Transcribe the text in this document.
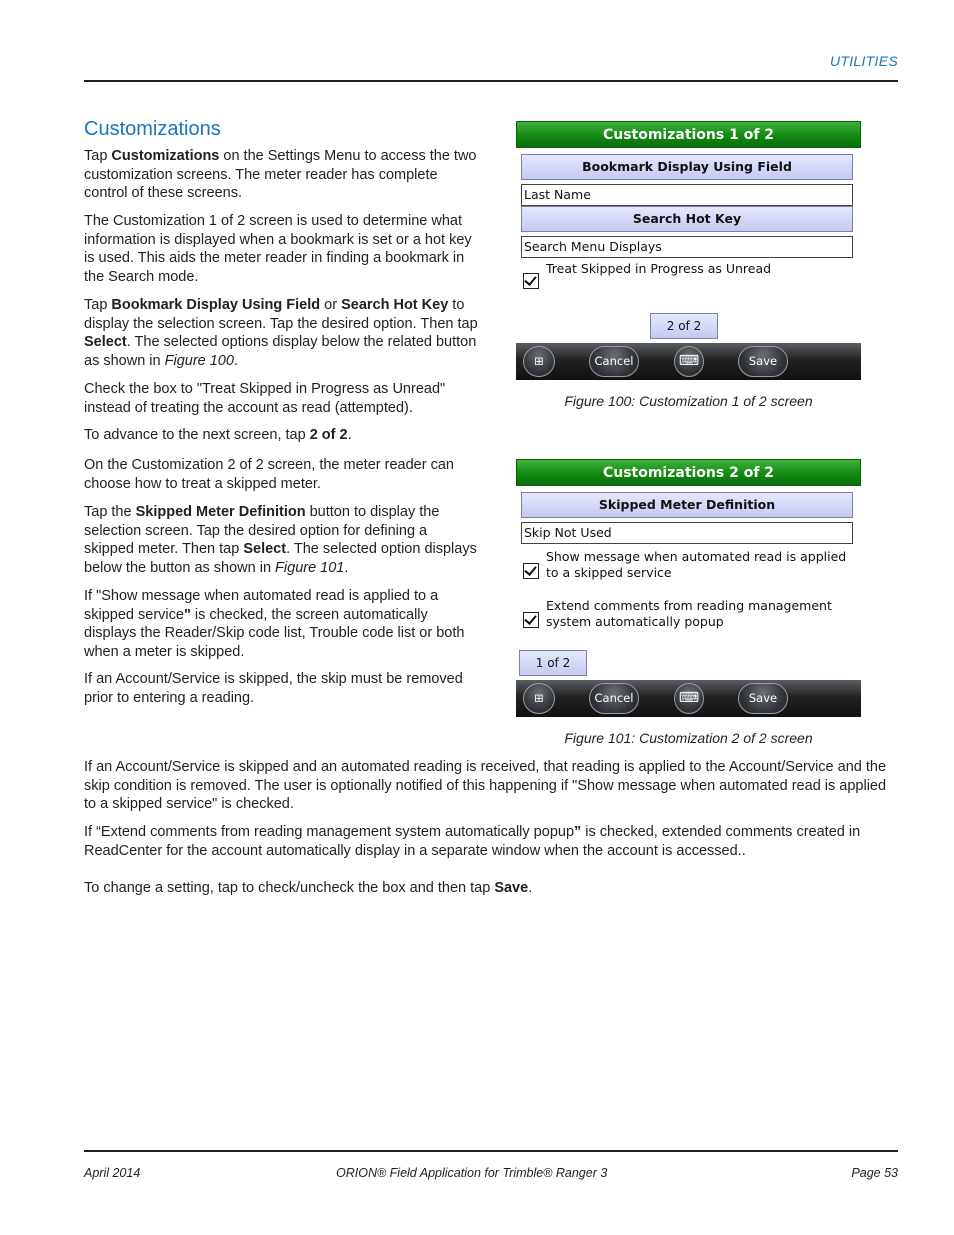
UTILITIES
Customizations

Tap Customizations on the Settings Menu to access the two customization screens. The meter reader has complete control of these screens.

The Customization 1 of 2 screen is used to determine what information is displayed when a bookmark is set or a hot key is used. This aids the meter reader in finding a bookmark in the Search mode.

Tap Bookmark Display Using Field or Search Hot Key to display the selection screen. Tap the desired option. Then tap Select. The selected options display below the related button as shown in Figure 100.

Check the box to "Treat Skipped in Progress as Unread" instead of treating the account as read (attempted).

To advance to the next screen, tap 2 of 2.

On the Customization 2 of 2 screen, the meter reader can choose how to treat a skipped meter.

Tap the Skipped Meter Definition button to display the selection screen. Tap the desired option for defining a skipped meter. Then tap Select. The selected option displays below the button as shown in Figure 101.

If "Show message when automated read is applied to a skipped service" is checked, the screen automatically displays the Reader/Skip code list, Trouble code list or both when a meter is skipped.

If an Account/Service is skipped, the skip must be removed prior to entering a reading.

Customizations 1 of 2
Bookmark Display Using Field
Last Name
Search Hot Key
Search Menu Displays
Treat Skipped in Progress as Unread
2 of 2
⊞	Cancel	⌨	Save
Figure 100: Customization 1 of 2 screen
Customizations 2 of 2
Skipped Meter Definition
Skip Not Used
Show message when automated read is applied to a skipped service
Extend comments from reading management system automatically popup
1 of 2
⊞	Cancel	⌨	Save
Figure 101: Customization 2 of 2 screen

If an Account/Service is skipped and an automated reading is received, that reading is applied to the Account/Service and the skip condition is removed. The user is optionally notified of this happening if "Show message when automated read is applied to a skipped service" is checked.

If “Extend comments from reading management system automatically popup” is checked, extended comments created in ReadCenter for the account automatically display in a separate window when the account is accessed..

To change a setting, tap to check/uncheck the box and then tap Save.

April 2014	ORION® Field Application for Trimble® Ranger 3	Page 53
